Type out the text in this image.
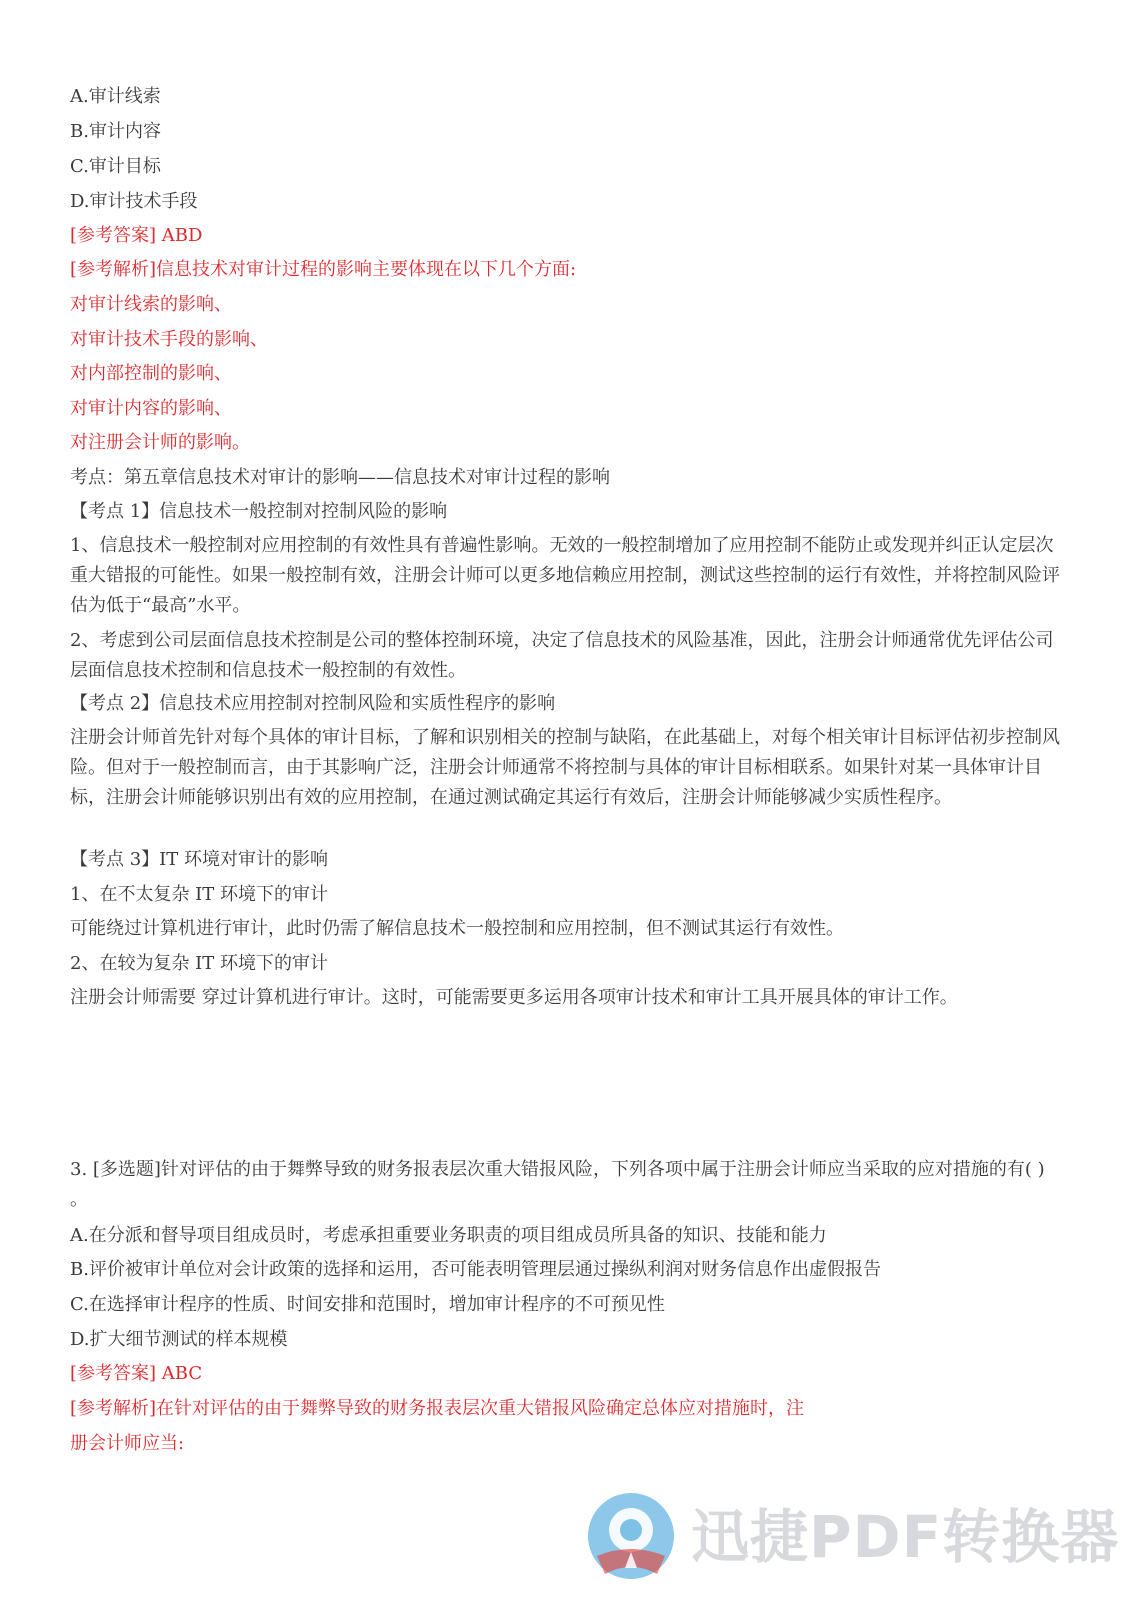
A.审计线索
B.审计内容
C.审计目标
D.审计技术手段
[参考答案] ABD
[参考解析]信息技术对审计过程的影响主要体现在以下几个方面:
对审计线索的影响、
对审计技术手段的影响、
对内部控制的影响、
对审计内容的影响、
对注册会计师的影响。
考点：第五章信息技术对审计的影响——信息技术对审计过程的影响
【考点 1】信息技术一般控制对控制风险的影响
1、信息技术一般控制对应用控制的有效性具有普遍性影响。无效的一般控制增加了应用控制不能防止或发现并纠正认定层次重大错报的可能性。如果一般控制有效，注册会计师可以更多地信赖应用控制，测试这些控制的运行有效性，并将控制风险评估为低于“最高”水平。
2、考虑到公司层面信息技术控制是公司的整体控制环境，决定了信息技术的风险基准，因此，注册会计师通常优先评估公司层面信息技术控制和信息技术一般控制的有效性。
【考点 2】信息技术应用控制对控制风险和实质性程序的影响
注册会计师首先针对每个具体的审计目标，了解和识别相关的控制与缺陷，在此基础上，对每个相关审计目标评估初步控制风险。但对于一般控制而言，由于其影响广泛，注册会计师通常不将控制与具体的审计目标相联系。如果针对某一具体审计目标，注册会计师能够识别出有效的应用控制，在通过测试确定其运行有效后，注册会计师能够减少实质性程序。
【考点 3】IT 环境对审计的影响
1、在不太复杂 IT 环境下的审计
可能绕过计算机进行审计，此时仍需了解信息技术一般控制和应用控制，但不测试其运行有效性。
2、在较为复杂 IT 环境下的审计
注册会计师需要 穿过计算机进行审计。这时，可能需要更多运用各项审计技术和审计工具开展具体的审计工作。
3. [多选题]针对评估的由于舞弊导致的财务报表层次重大错报风险，下列各项中属于注册会计师应当采取的应对措施的有( ) 。
A.在分派和督导项目组成员时，考虑承担重要业务职责的项目组成员所具备的知识、技能和能力
B.评价被审计单位对会计政策的选择和运用，否可能表明管理层通过操纵利润对财务信息作出虚假报告
C.在选择审计程序的性质、时间安排和范围时，增加审计程序的不可预见性
D.扩大细节测试的样本规模
[参考答案] ABC
[参考解析]在针对评估的由于舞弊导致的财务报表层次重大错报风险确定总体应对措施时，注
册会计师应当:
迅捷PDF转换器
